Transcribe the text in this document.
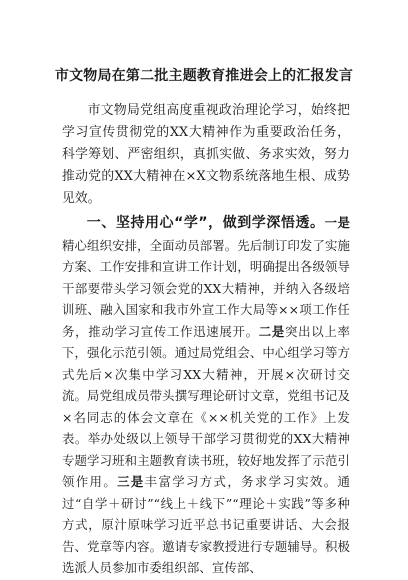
市文物局在第二批主题教育推进会上的汇报发言

市文物局党组高度重视政治理论学习，始终把学习宣传贯彻党的XX大精神作为重要政治任务，科学筹划、严密组织，真抓实做、务求实效，努力推动党的XX大精神在×X文物系统落地生根、成势见效。

一、坚持用心“学”，做到学深悟透。一是精心组织安排，全面动员部署。先后制订印发了实施方案、工作安排和宣讲工作计划，明确提出各级领导干部要带头学习领会党的XX大精神，并纳入各级培训班、融入国家和我市外宣工作大局等××项工作任务，推动学习宣传工作迅速展开。二是突出以上率下，强化示范引领。通过局党组会、中心组学习等方式先后×次集中学习XX大精神，开展×次研讨交流。局党组成员带头撰写理论研讨文章，党组书记及×名同志的体会文章在《××机关党的工作》上发表。举办处级以上领导干部学习贯彻党的XX大精神专题学习班和主题教育读书班，较好地发挥了示范引领作用。三是丰富学习方式，务求学习实效。通过“自学＋研讨”“线上＋线下”“理论＋实践”等多种方式，原汁原味学习近平总书记重要讲话、大会报告、党章等内容。邀请专家教授进行专题辅导。积极选派人员参加市委组织部、宣传部、
